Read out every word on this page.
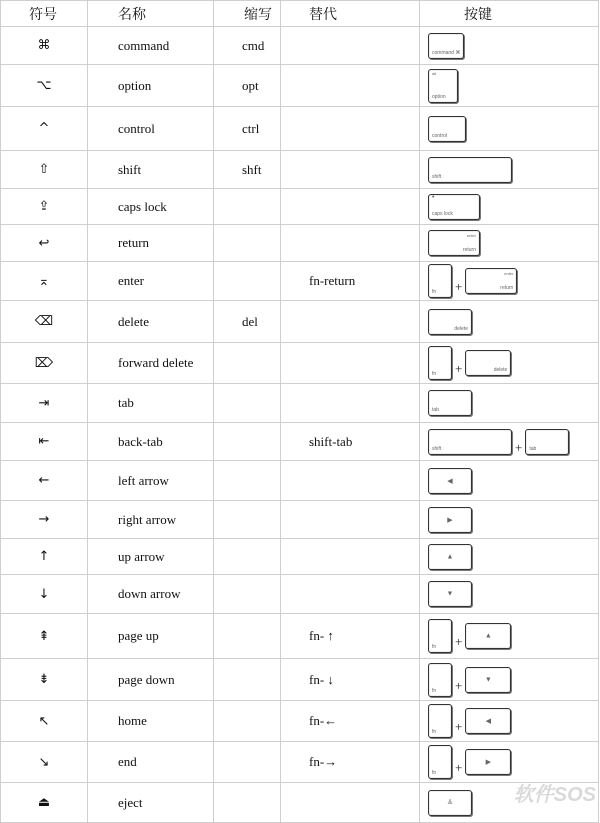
符号	名称	缩写	替代	按键
⌘	command	cmd		command ⌘

⌥	option	opt		alt
option

^	control	ctrl		control

⇧	shift	shft		shift

⇪	caps lock			•
caps lock

↩	return			enter
return

⌅	enter		fn-return	fn +
enter
return

⌫	delete	del		delete

⌦	forward delete			fn + delete

⇥	tab			tab

⇤	back-tab		shift-tab	shift + tab

←	left arrow			◀

→	right arrow			▶

↑	up arrow			▲

↓	down arrow			▼

⇞	page up		fn- ↑	fn + ▲

⇟	page down		fn- ↓	fn + ▼

↖	home		fn-←	fn + ◀

↘	end		fn-→	fn + ▶

⏏	eject			≜	软件SOS
